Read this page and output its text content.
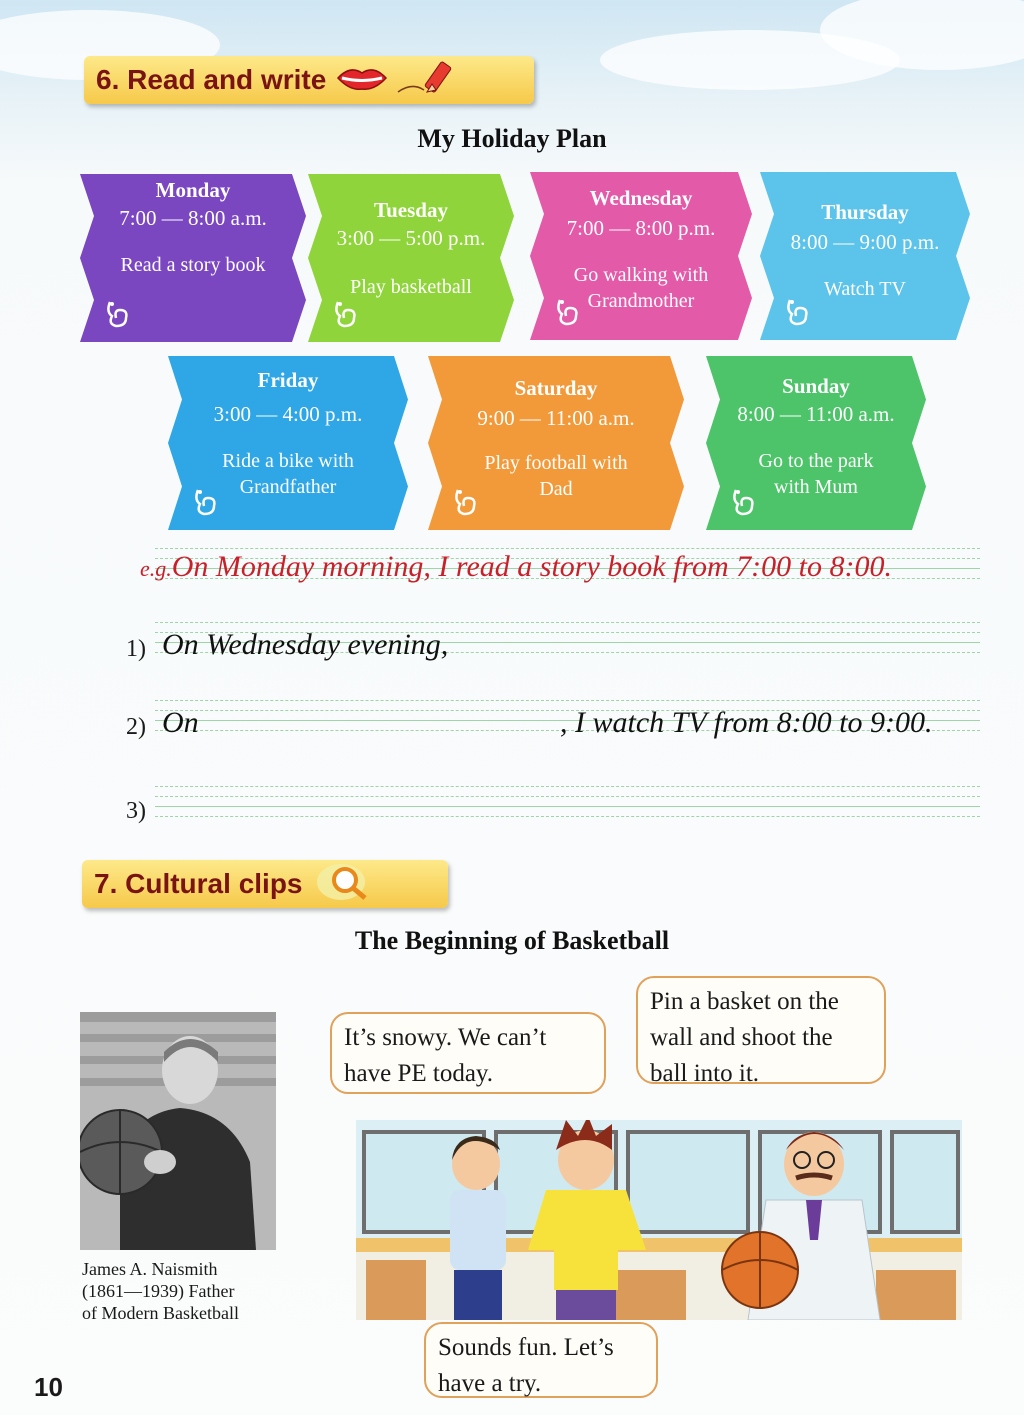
6. Read and write
My Holiday Plan
Monday
7:00 — 8:00 a.m.
Read a story book
Tuesday
3:00 — 5:00 p.m.
Play basketball
Wednesday
7:00 — 8:00 p.m.
Go walking with
Grandmother
Thursday
8:00 — 9:00 p.m.
Watch TV
Friday
3:00 — 4:00 p.m.
Ride a bike with
Grandfather
Saturday
9:00 — 11:00 a.m.
Play football with
Dad
Sunday
8:00 — 11:00 a.m.
Go to the park
with Mum
e.g.On Monday morning, I read a story book from 7:00 to 8:00.
1) On Wednesday evening,
2) On	, I watch TV from 8:00 to 9:00.
3)
7. Cultural clips
The Beginning of Basketball
James A. Naismith
(1861—1939) Father
of Modern Basketball
It’s snowy. We can’t
have PE today.
Pin a basket on the
wall and shoot the
ball into it.
Sounds fun. Let’s
have a try.
10
